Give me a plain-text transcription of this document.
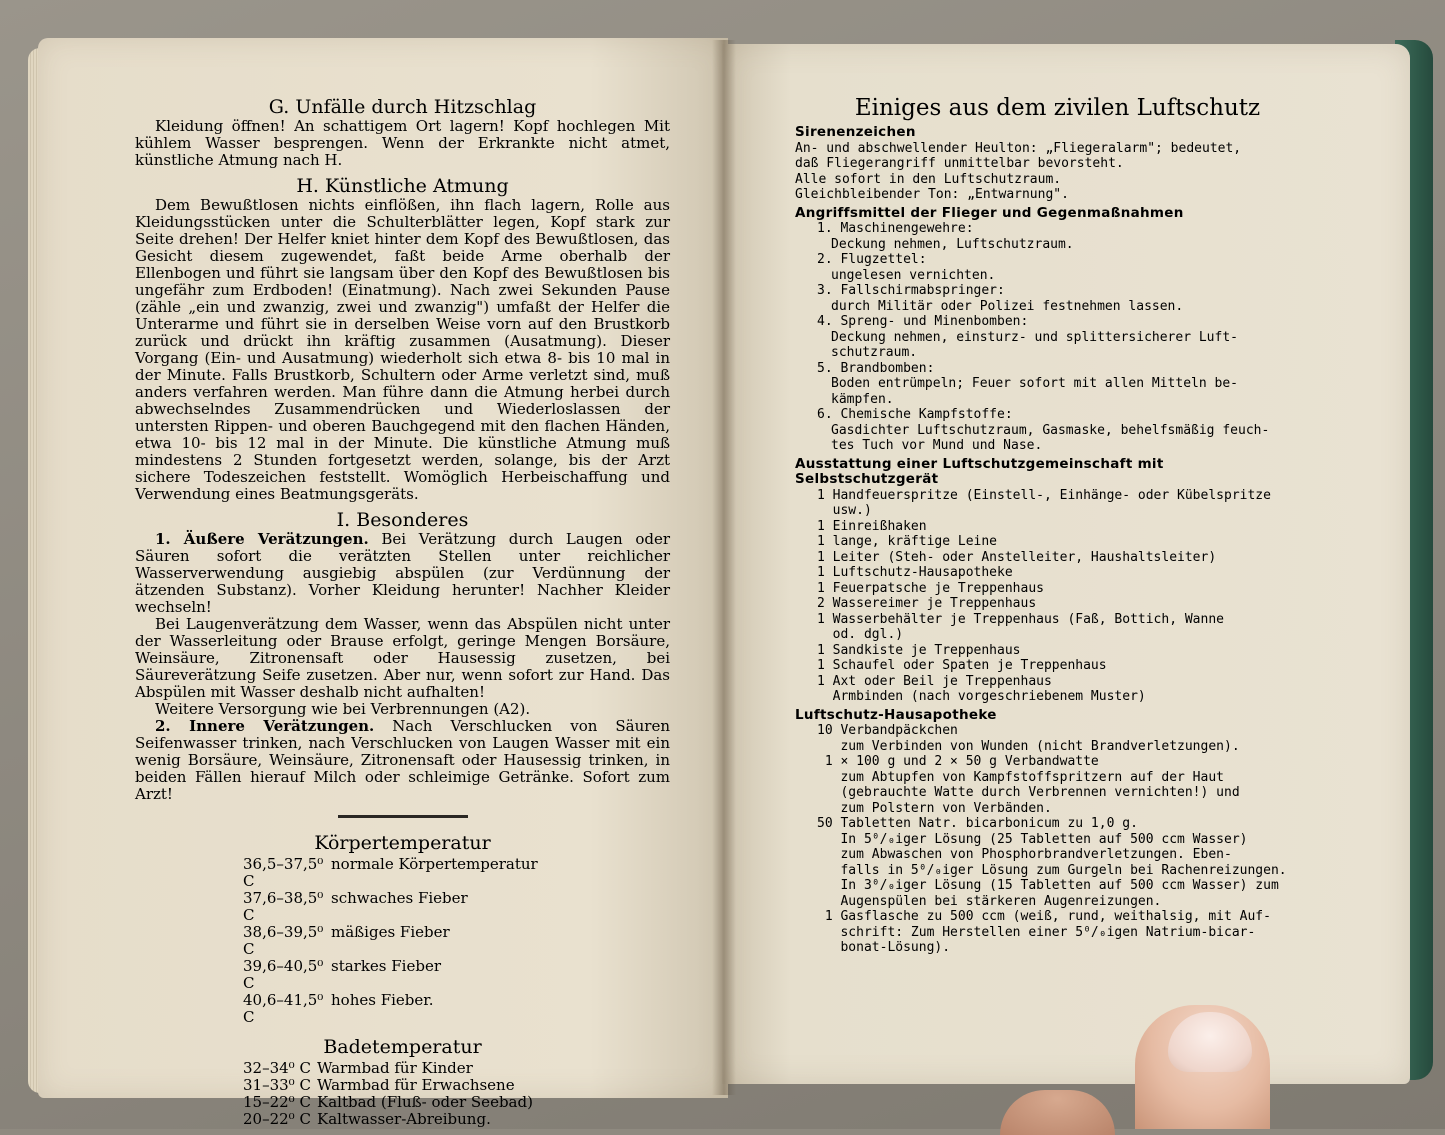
G. Unfälle durch Hitzschlag

Kleidung öffnen! An schattigem Ort lagern! Kopf hochlegen Mit kühlem Wasser besprengen. Wenn der Erkrankte nicht atmet, künstliche Atmung nach H.

H. Künstliche Atmung

Dem Bewußtlosen nichts einflößen, ihn flach lagern, Rolle aus Kleidungsstücken unter die Schulterblätter legen, Kopf stark zur Seite drehen! Der Helfer kniet hinter dem Kopf des Bewußtlosen, das Gesicht diesem zugewendet, faßt beide Arme oberhalb der Ellenbogen und führt sie langsam über den Kopf des Bewußtlosen bis ungefähr zum Erdboden! (Einatmung). Nach zwei Sekunden Pause (zähle „ein und zwanzig, zwei und zwanzig") umfaßt der Helfer die Unterarme und führt sie in derselben Weise vorn auf den Brustkorb zurück und drückt ihn kräftig zusammen (Ausatmung). Dieser Vorgang (Ein- und Ausatmung) wiederholt sich etwa 8- bis 10 mal in der Minute. Falls Brustkorb, Schultern oder Arme verletzt sind, muß anders verfahren werden. Man führe dann die Atmung herbei durch abwechselndes Zusammendrücken und Wiederloslassen der untersten Rippen- und oberen Bauchgegend mit den flachen Händen, etwa 10- bis 12 mal in der Minute. Die künstliche Atmung muß mindestens 2 Stunden fortgesetzt werden, solange, bis der Arzt sichere Todeszeichen feststellt. Womöglich Herbeischaffung und Verwendung eines Beatmungsgeräts.

I. Besonderes

1. Äußere Verätzungen. Bei Verätzung durch Laugen oder Säuren sofort die verätzten Stellen unter reichlicher Wasserverwendung ausgiebig abspülen (zur Verdünnung der ätzenden Substanz). Vorher Kleidung herunter! Nachher Kleider wechseln!

Bei Laugenverätzung dem Wasser, wenn das Abspülen nicht unter der Wasserleitung oder Brause erfolgt, geringe Mengen Borsäure, Weinsäure, Zitronensaft oder Hausessig zusetzen, bei Säureverätzung Seife zusetzen. Aber nur, wenn sofort zur Hand. Das Abspülen mit Wasser deshalb nicht aufhalten!

Weitere Versorgung wie bei Verbrennungen (A2).

2. Innere Verätzungen. Nach Verschlucken von Säuren Seifenwasser trinken, nach Verschlucken von Laugen Wasser mit ein wenig Borsäure, Weinsäure, Zitronensaft oder Hausessig trinken, in beiden Fällen hierauf Milch oder schleimige Getränke. Sofort zum Arzt!

Körpertemperatur
36,5–37,5⁰ C
normale Körpertemperatur
37,6–38,5⁰ C
schwaches Fieber
38,6–39,5⁰ C
mäßiges Fieber
39,6–40,5⁰ C
starkes Fieber
40,6–41,5⁰ C
hohes Fieber.
Badetemperatur
32–34⁰ C Warmbad für Kinder
31–33⁰ C Warmbad für Erwachsene
15–22⁰ C Kaltbad (Fluß- oder Seebad)
20–22⁰ C Kaltwasser-Abreibung.
Einiges aus dem zivilen Luftschutz
Sirenenzeichen
An- und abschwellender Heulton: „Fliegeralarm"; bedeutet,
daß Fliegerangriff unmittelbar bevorsteht.
Alle sofort in den Luftschutzraum.
Gleichbleibender Ton: „Entwarnung".
Angriffsmittel der Flieger und Gegenmaßnahmen
1. Maschinengewehre:
Deckung nehmen, Luftschutzraum.
2. Flugzettel:
ungelesen vernichten.
3. Fallschirmabspringer:
durch Militär oder Polizei festnehmen lassen.
4. Spreng- und Minenbomben:
Deckung nehmen, einsturz- und splittersicherer Luft-
schutzraum.
5. Brandbomben:
Boden entrümpeln; Feuer sofort mit allen Mitteln be-
kämpfen.
6. Chemische Kampfstoffe:
Gasdichter Luftschutzraum, Gasmaske, behelfsmäßig feuch-
tes Tuch vor Mund und Nase.
Ausstattung einer Luftschutzgemeinschaft mit
Selbstschutzgerät
1 Handfeuerspritze (Einstell-, Einhänge- oder Kübelspritze
usw.)
1 Einreißhaken
1 lange, kräftige Leine
1 Leiter (Steh- oder Anstelleiter, Haushaltsleiter)
1 Luftschutz-Hausapotheke
1 Feuerpatsche je Treppenhaus
2 Wassereimer je Treppenhaus
1 Wasserbehälter je Treppenhaus (Faß, Bottich, Wanne
od. dgl.)
1 Sandkiste je Treppenhaus
1 Schaufel oder Spaten je Treppenhaus
1 Axt oder Beil je Treppenhaus
Armbinden (nach vorgeschriebenem Muster)
Luftschutz-Hausapotheke
10 Verbandpäckchen
zum Verbinden von Wunden (nicht Brandverletzungen).
1 × 100 g und 2 × 50 g Verbandwatte
zum Abtupfen von Kampfstoffspritzern auf der Haut
(gebrauchte Watte durch Verbrennen vernichten!) und
zum Polstern von Verbänden.
50 Tabletten Natr. bicarbonicum zu 1,0 g.
In 5⁰/₀iger Lösung (25 Tabletten auf 500 ccm Wasser)
zum Abwaschen von Phosphorbrandverletzungen. Eben-
falls in 5⁰/₀iger Lösung zum Gurgeln bei Rachenreizungen.
In 3⁰/₀iger Lösung (15 Tabletten auf 500 ccm Wasser) zum
Augenspülen bei stärkeren Augenreizungen.
1 Gasflasche zu 500 ccm (weiß, rund, weithalsig, mit Auf-
schrift: Zum Herstellen einer 5⁰/₀igen Natrium-bicar-
bonat-Lösung).
